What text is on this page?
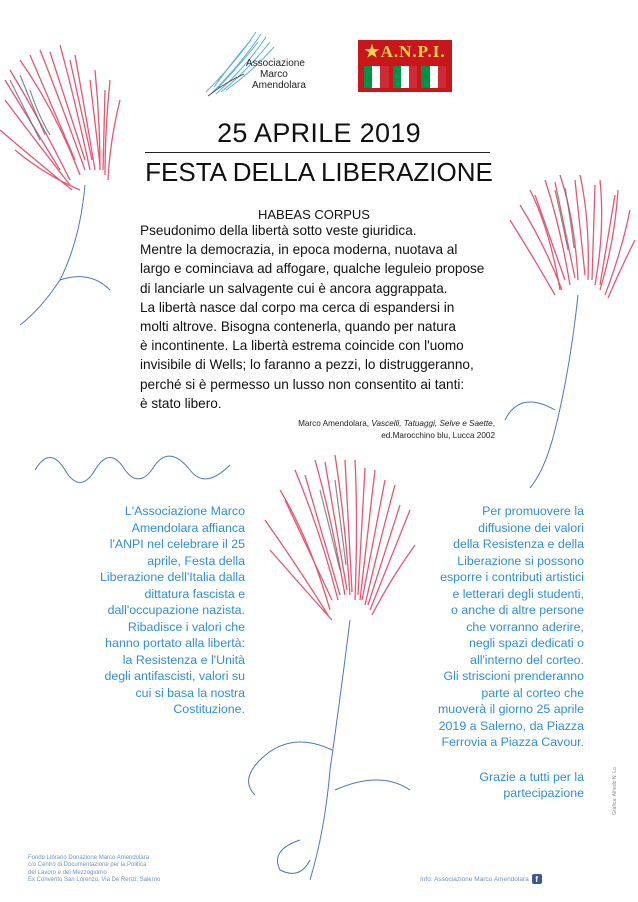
Associazione
Marco
Amendolara
★A.N.P.I.
25 APRILE 2019
FESTA DELLA LIBERAZIONE
HABEAS CORPUS

Pseudonimo della libertà sotto veste giuridica.

Mentre la democrazia, in epoca moderna, nuotava al

largo e cominciava ad affogare, qualche leguleio propose

di lanciarle un salvagente cui è ancora aggrappata.

La libertà nasce dal corpo ma cerca di espandersi in

molti altrove. Bisogna contenerla, quando per natura

è incontinente. La libertà estrema coincide con l'uomo

invisibile di Wells; lo faranno a pezzi, lo distruggeranno,

perché si è permesso un lusso non consentito ai tanti:

è stato libero.

Marco Amendolara, Vascelli, Tatuaggi, Selve e Saette,
ed.Marocchino blu, Lucca 2002

L'Associazione Marco

Amendolara affianca

l'ANPI nel celebrare il 25

aprile, Festa della

Liberazione dell'Italia dalla

dittatura fascista e

dall'occupazione nazista.

Ribadisce i valori che

hanno portato alla libertà:

la Resistenza e l'Unità

degli antifascisti, valori su

cui si basa la nostra

Costituzione.

Per promuovere la

diffusione dei valori

della Resistenza e della

Liberazione si possono

esporre i contributi artistici

e letterari degli studenti,

o anche di altre persone

che vorranno aderire,

negli spazi dedicati o

all'interno del corteo.

Gli striscioni prenderanno

parte al corteo che

muoverà il giorno 25 aprile

2019 a Salerno, da Piazza

Ferrovia a Piazza Cavour.

Grazie a tutti per la

partecipazione

Fondo Librario Donazione Marco Amendolara
c/o Centro di Documentazione per la Politica
del Lavoro e del Mezzogiorno
Ex Convento San Lorenzo, Via De Renzi, Salerno	Info: Associazione Marco Amendolara f
Grafica: Alfredo N. Lo
